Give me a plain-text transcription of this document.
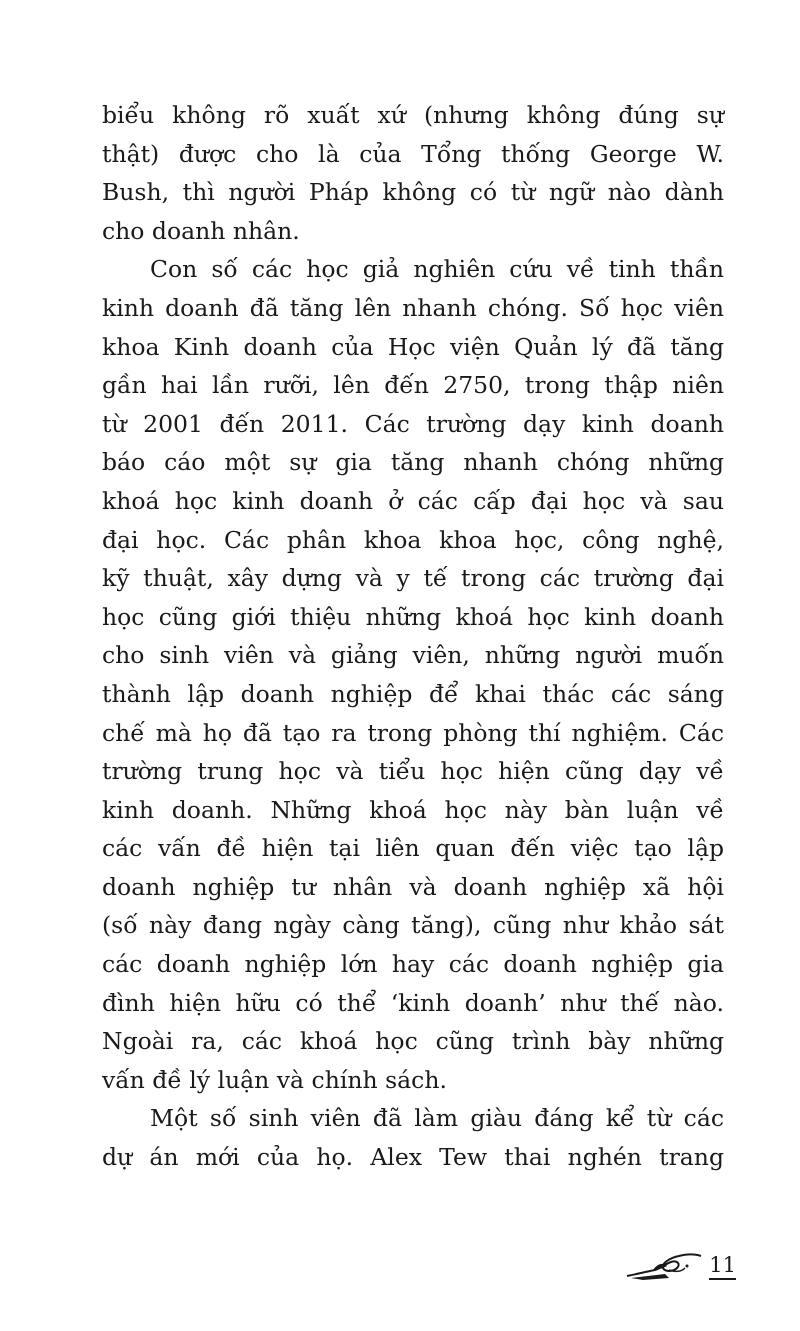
biểu không rõ xuất xứ (nhưng không đúng sự
thật) được cho là của Tổng thống George W.
Bush, thì người Pháp không có từ ngữ nào dành
cho doanh nhân.
Con số các học giả nghiên cứu về tinh thần
kinh doanh đã tăng lên nhanh chóng. Số học viên
khoa Kinh doanh của Học viện Quản lý đã tăng
gần hai lần rưỡi, lên đến 2750, trong thập niên
từ 2001 đến 2011. Các trường dạy kinh doanh
báo cáo một sự gia tăng nhanh chóng những
khoá học kinh doanh ở các cấp đại học và sau
đại học. Các phân khoa khoa học, công nghệ,
kỹ thuật, xây dựng và y tế trong các trường đại
học cũng giới thiệu những khoá học kinh doanh
cho sinh viên và giảng viên, những người muốn
thành lập doanh nghiệp để khai thác các sáng
chế mà họ đã tạo ra trong phòng thí nghiệm. Các
trường trung học và tiểu học hiện cũng dạy về
kinh doanh. Những khoá học này bàn luận về
các vấn đề hiện tại liên quan đến việc tạo lập
doanh nghiệp tư nhân và doanh nghiệp xã hội
(số này đang ngày càng tăng), cũng như khảo sát
các doanh nghiệp lớn hay các doanh nghiệp gia
đình hiện hữu có thể ‘kinh doanh’ như thế nào.
Ngoài ra, các khoá học cũng trình bày những
vấn đề lý luận và chính sách.
Một số sinh viên đã làm giàu đáng kể từ các
dự án mới của họ. Alex Tew thai nghén trang
11
